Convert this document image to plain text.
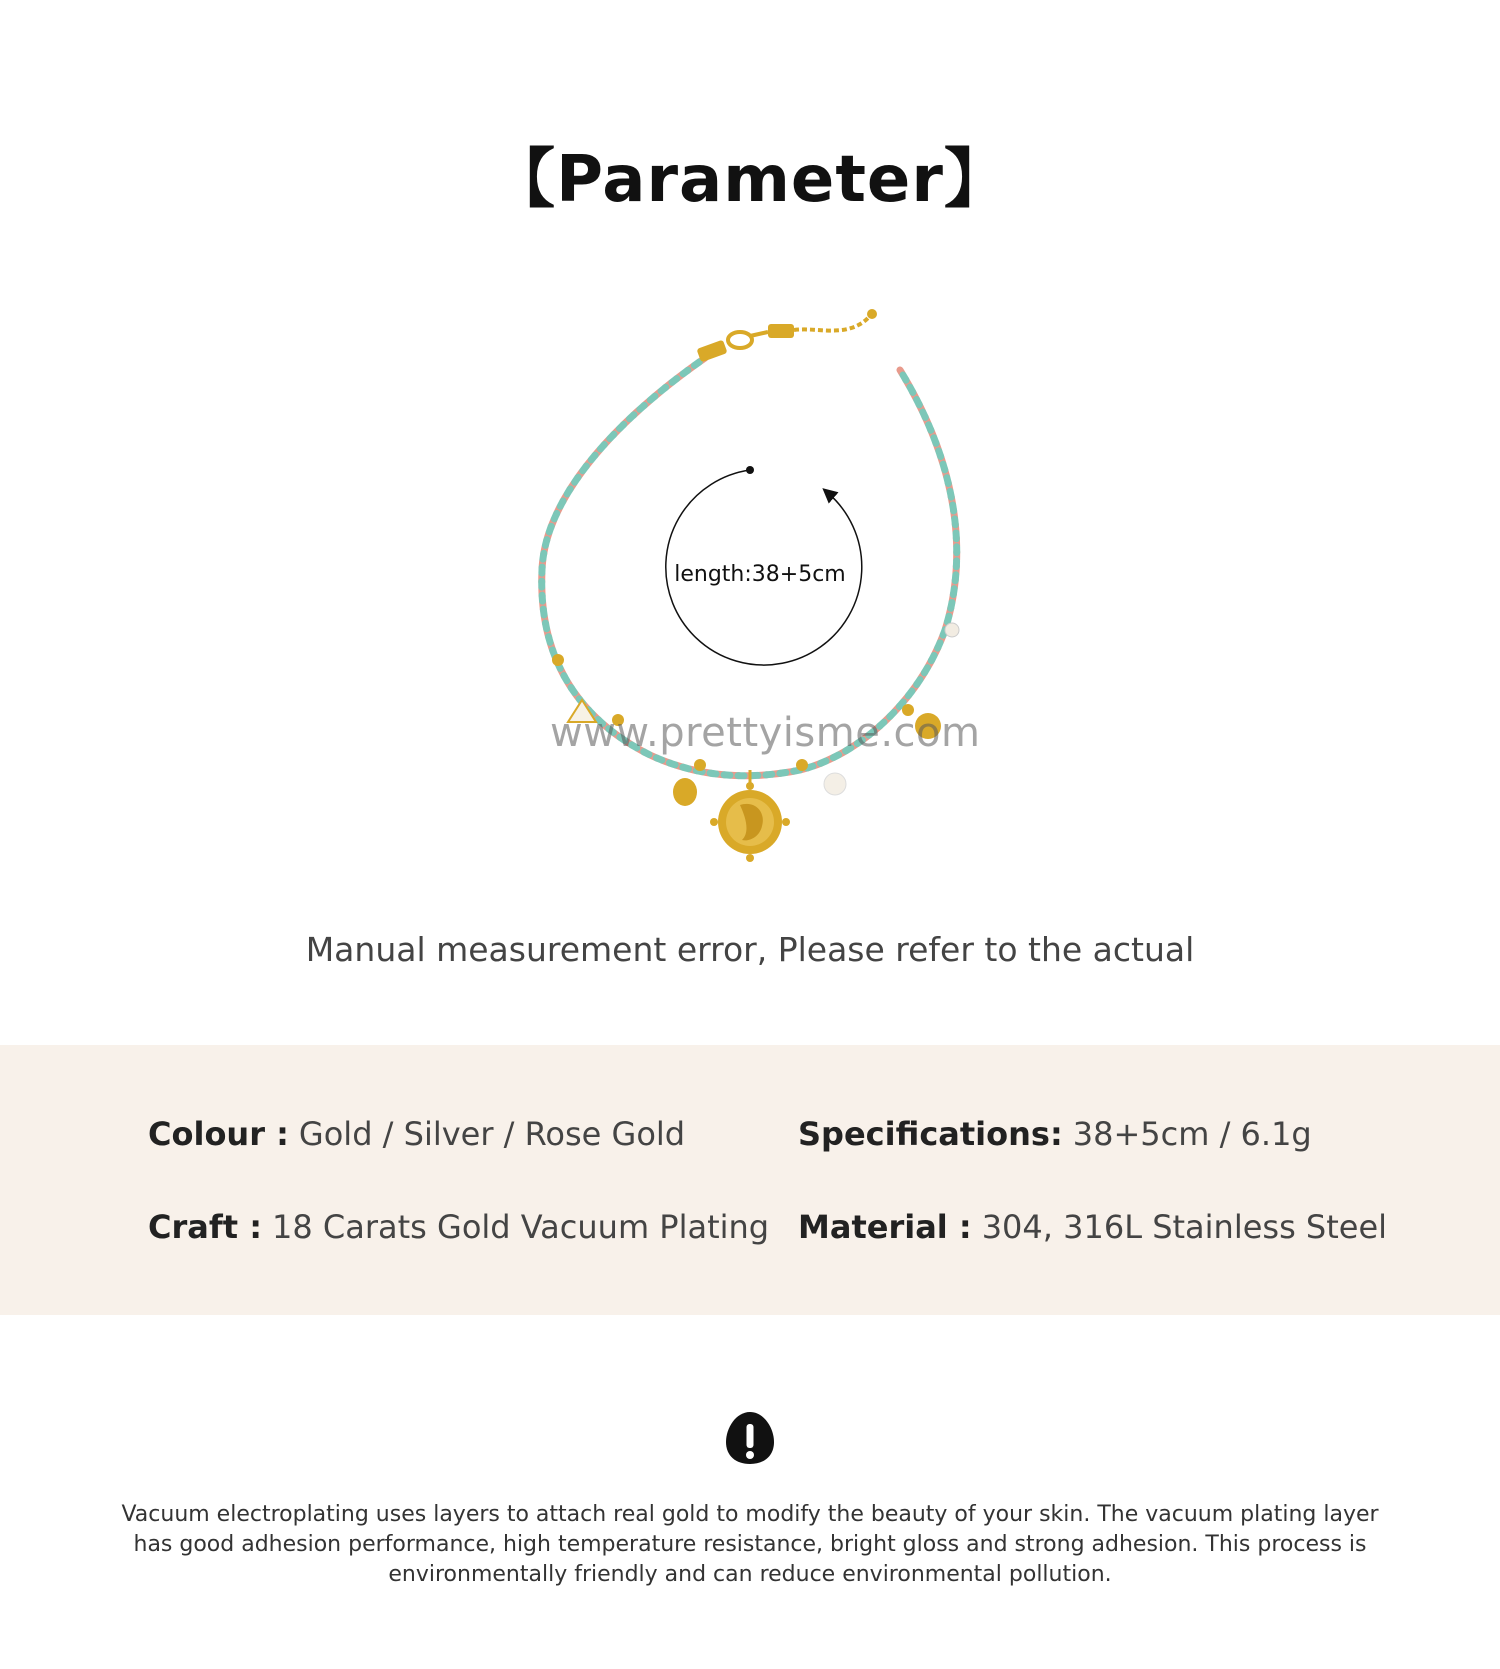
【Parameter】
length:38+5cm
www.prettyisme.com
Manual measurement error, Please refer to the actual
Colour : Gold / Silver / Rose Gold	Specifications: 38+5cm / 6.1g
Craft : 18 Carats Gold Vacuum Plating Material : 304, 316L Stainless Steel
Vacuum electroplating uses layers to attach real gold to modify the beauty of your skin. The vacuum plating layer has good adhesion performance, high temperature resistance, bright gloss and strong adhesion. This process is environmentally friendly and can reduce environmental pollution.
